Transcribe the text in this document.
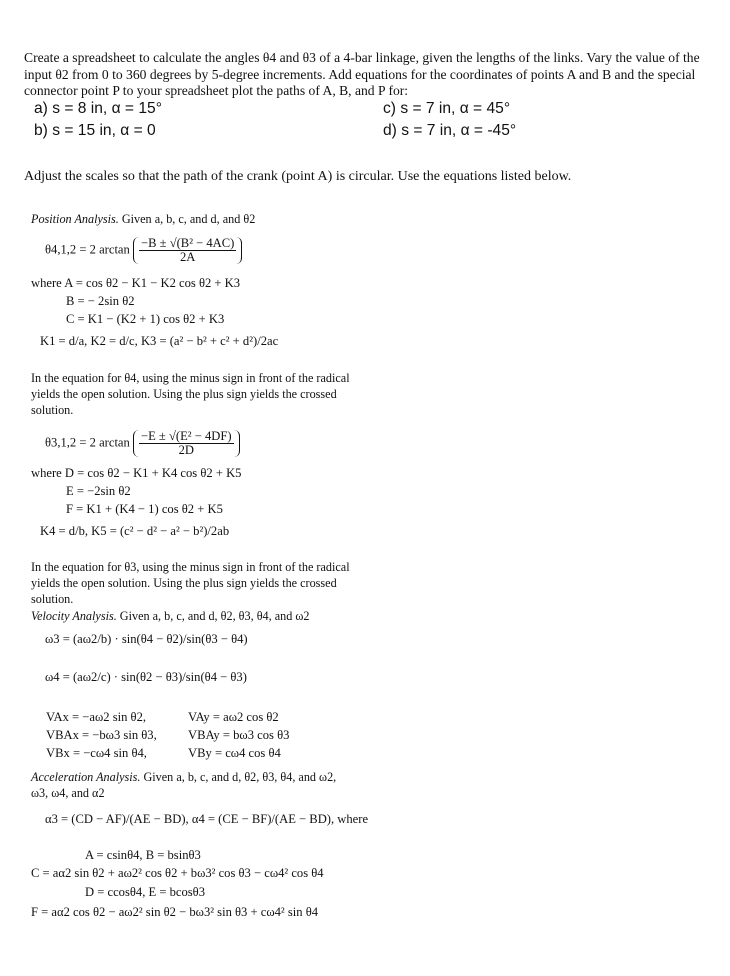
Create a spreadsheet to calculate the angles θ4 and θ3 of a 4-bar linkage, given the lengths of the links. Vary the value of the input θ2 from 0 to 360 degrees by 5-degree increments. Add equations for the coordinates of points A and B and the special connector point P to your spreadsheet plot the paths of A, B, and P for:
a) s = 8 in, α = 15°
b) s = 15 in, α = 0
c) s = 7 in, α = 45°
d) s = 7 in, α = -45°
Adjust the scales so that the path of the crank (point A) is circular. Use the equations listed below.
Position Analysis. Given a, b, c, and d, and θ2
θ4,1,2 = 2 $\arctan \frac{\text{−B ± √(B² − 4AC)}}{2A}$
where A = cos θ2 − K1 − K2 cos θ2 + K3
B = − 2sin θ2
C = K1 − (K2 + 1) cos θ2 + K3
K1 = d/a, K2 = d/c, K3 = (a² − b² + c² + d²)/2ac
In the equation for θ4, using the minus sign in front of the radical yields the open solution. Using the plus sign yields the crossed solution.
θ3,1,2 = 2 $\arctan \frac{\text{−E ± √(E² − 4DF)}}{2D}$
where D = cos θ2 − K1 + K4 cos θ2 + K5
E = −2sin θ2
F = K1 + (K4 − 1) cos θ2 + K5
K4 = d/b, K5 = (c² − d² − a² − b²)/2ab
In the equation for θ3, using the minus sign in front of the radical yields the open solution. Using the plus sign yields the crossed solution.
Velocity Analysis. Given a, b, c, and d, θ2, θ3, θ4, and ω2
ω3 = (aω2/b) · sin(θ4 − θ2)/sin(θ3 − θ4)
ω4 = (aω2/c) · sin(θ2 − θ3)/sin(θ4 − θ3)
VAx = −aω2 sin θ2,	VAy = aω2 cos θ2
VBAx = −bω3 sin θ3, VBAy = bω3 cos θ3
VBx = −cω4 sin θ4,	VBy = cω4 cos θ4
Acceleration Analysis. Given a, b, c, and d, θ2, θ3, θ4, and ω2,
ω3, ω4, and α2
α3 = (CD − AF)/(AE − BD), α4 = (CE − BF)/(AE − BD), where
A = csinθ4, B = bsinθ3
C = aα2 sin θ2 + aω2² cos θ2 + bω3² cos θ3 − cω4² cos θ4
D = ccosθ4, E = bcosθ3
F = aα2 cos θ2 − aω2² sin θ2 − bω3² sin θ3 + cω4² sin θ4
